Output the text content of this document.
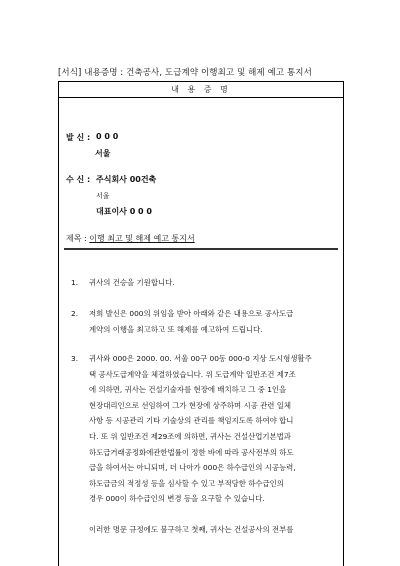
[서식] 내용증명 : 건축공사, 도급계약 이행최고 및 해제 예고 통지서
내 용 증 명
발 신 : 0 0 0
서울
수 신 : 주식회사 00건축
서울
대표이사 0 0 0
제목 : 이행 최고 및 해제 예고 통지서
1. 귀사의 건승을 기원합니다.
2. 저희 발신은 000의 위임을 받아 아래와 같은 내용으로 공사도급
계약의 이행을 최고하고 또 해제를 예고하여 드립니다.
3. 귀사와 000은 2000. 00. 서울 00구 00동 000-0 지상 도시형생활주
택 공사도급계약을 체결하였습니다. 위 도급계약 일반조건 제7조
에 의하면, 귀사는 건설기술자를 현장에 배치하고 그 중 1인을
현장대리인으로 선임하여 그가 현장에 상주하며 시공 관련 일체
사항 등 시공관리 기타 기술상의 관리를 책임지도록 하여야 합니
다. 또 위 일반조건 제29조에 의하면, 귀사는 건설산업기본법과
하도급거래공정화에관한법률이 정한 바에 따라 공사전부의 하도
급을 하여서는 아니되며, 더 나아가 000은 하수급인의 시공능력,
하도급금의 적정성 등을 심사할 수 있고 부적당한 하수급인의
경우 000이 하수급인의 변경 등을 요구할 수 있습니다.
이러한 명문 규정에도 불구하고 첫째, 귀사는 건설공사의 전부를
